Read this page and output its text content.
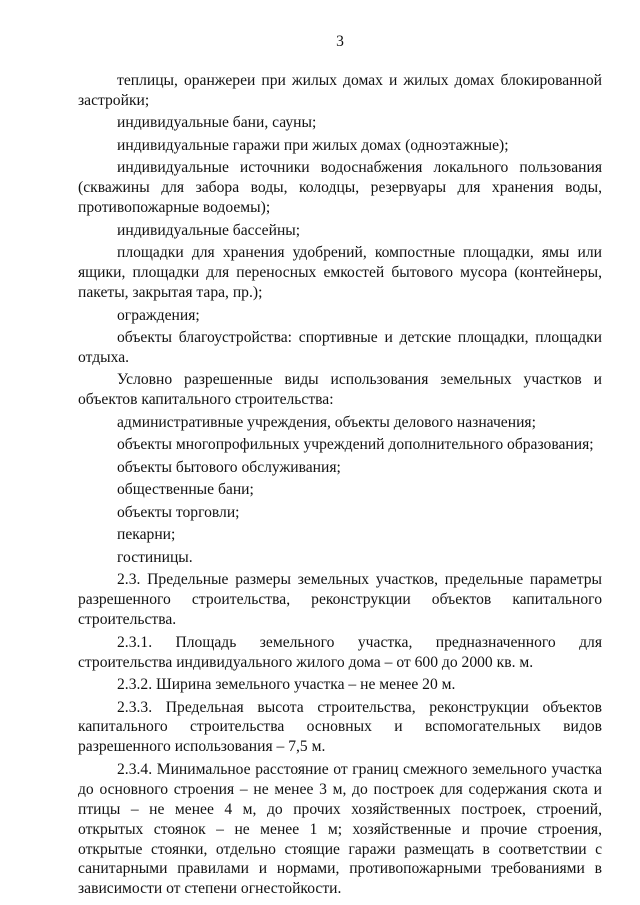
3

теплицы, оранжереи при жилых домах и жилых домах блокированной застройки;

индивидуальные бани, сауны;

индивидуальные гаражи при жилых домах (одноэтажные);

индивидуальные источники водоснабжения локального пользования (скважины для забора воды, колодцы, резервуары для хранения воды, противопожарные водоемы);

индивидуальные бассейны;

площадки для хранения удобрений, компостные площадки, ямы или ящики, площадки для переносных емкостей бытового мусора (контейнеры, пакеты, закрытая тара, пр.);

ограждения;

объекты благоустройства: спортивные и детские площадки, площадки отдыха.

Условно разрешенные виды использования земельных участков и объектов капитального строительства:

административные учреждения, объекты делового назначения;

объекты многопрофильных учреждений дополнительного образования;

объекты бытового обслуживания;

общественные бани;

объекты торговли;

пекарни;

гостиницы.

2.3. Предельные размеры земельных участков, предельные параметры разрешенного строительства, реконструкции объектов капитального строительства.

2.3.1. Площадь земельного участка, предназначенного для строительства индивидуального жилого дома – от 600 до 2000 кв. м.

2.3.2. Ширина земельного участка – не менее 20 м.

2.3.3. Предельная высота строительства, реконструкции объектов капитального строительства основных и вспомогательных видов разрешенного использования – 7,5 м.

2.3.4. Минимальное расстояние от границ смежного земельного участка до основного строения – не менее 3 м, до построек для содержания скота и птицы – не менее 4 м, до прочих хозяйственных построек, строений, открытых стоянок – не менее 1 м; хозяйственные и прочие строения, открытые стоянки, отдельно стоящие гаражи размещать в соответствии с санитарными правилами и нормами, противопожарными требованиями в зависимости от степени огнестойкости.
